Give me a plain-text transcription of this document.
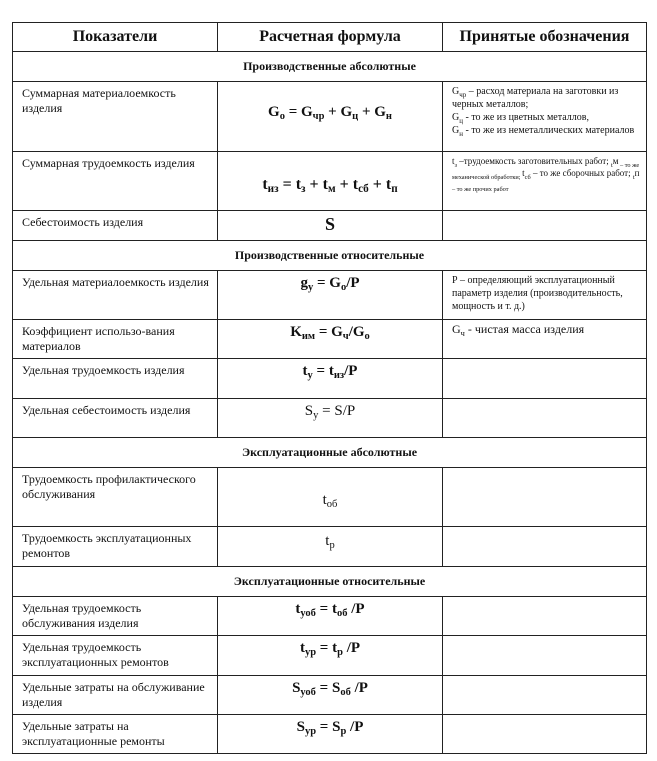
Показатели	Расчетная формула	Принятые обозначения
Производственные абсолютные		
Суммарная материалоемкость изделия	$G_о = G_{чр} + G_ц + G_н$	$G_{чр}$ – расход материала на заготовки из черных металлов;
$G_ц$ - то же из цветных металлов,
$G_н$ - то же из неметаллических материалов

Суммарная трудоемкость изделия	$t_{из} = t_з + t_м + t_{сб} + t_п$	$t_з$ –трудоемкость заготовительных работ; $_t$м $_{- то же механической обработки;}$ $t_{сб}$ – то же сборочных работ; $_t$п $_{- то же прочих работ}$

Себестоимость изделия	S	
Производственные относительные		
Удельная материалоемкость изделия	$g_у = G_о/P$	Р – определяющий эксплуатационный параметр изделия (производительность, мощность и т. д.)
Коэффициент использо-вания материалов	$K_{им} = G_ч/G_о$	$G_ч$ - чистая масса изделия
Удельная трудоемкость изделия	$t_у = t_{из}/P$	
Удельная себестоимость изделия	$S_у = S/P$	
Эксплуатационные абсолютные		
Трудоемкость профилактического обслуживания	$t_{об}$	
Трудоемкость эксплуатационных ремонтов	$t_р$	
Эксплуатационные относительные		
Удельная трудоемкость обслуживания изделия	$t_{уоб} = t_{об}$ /P	
Удельная трудоемкость эксплуатационных ремонтов	$t_{ур} = t_р$ /P	
Удельные затраты на обслуживание изделия	$S_{уоб} = S_{об}$ /P	
Удельные затраты на эксплуатационные ремонты	$S_{ур} = S_р$ /P	
